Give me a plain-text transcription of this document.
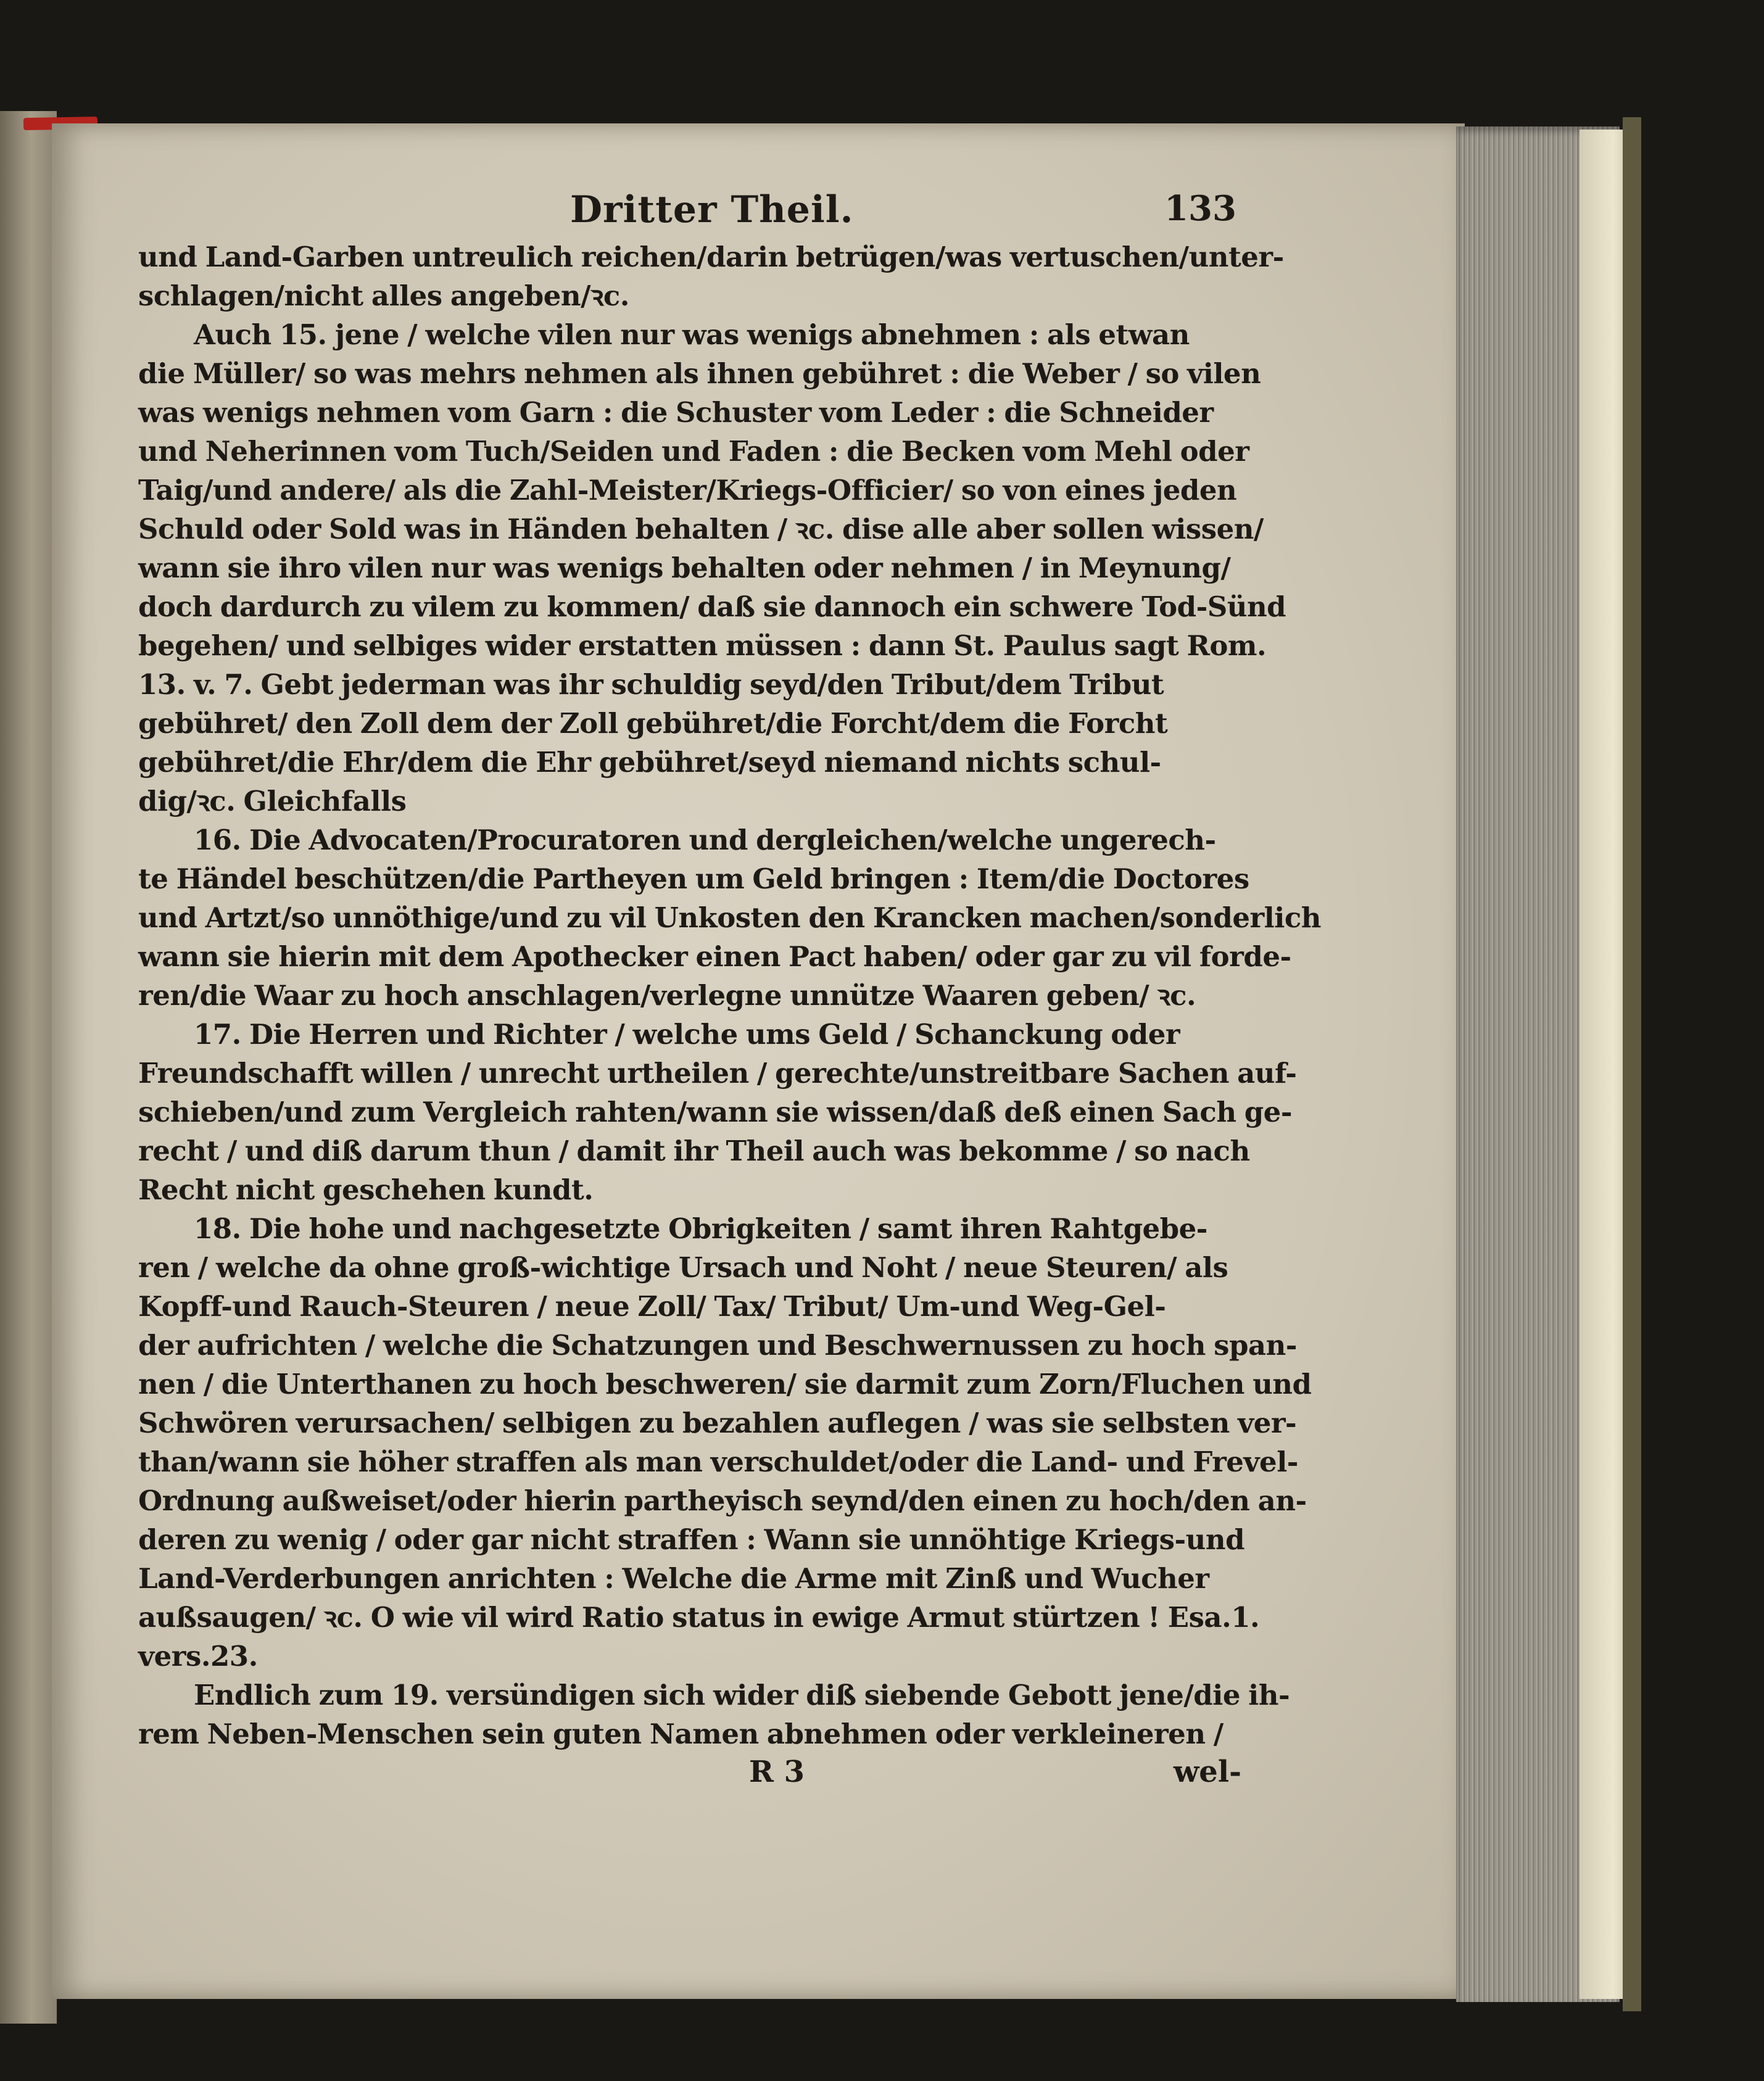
Dritter Theil.	133
und Land-Garben untreulich reichen/darin betrügen/was vertuschen/unter-
schlagen/nicht alles angeben/ꝛc.
Auch 15. jene / welche vilen nur was wenigs abnehmen : als etwan
die Müller/ so was mehrs nehmen als ihnen gebühret : die Weber / so vilen
was wenigs nehmen vom Garn : die Schuster vom Leder : die Schneider
und Neherinnen vom Tuch/Seiden und Faden : die Becken vom Mehl oder
Taig/und andere/ als die Zahl-Meister/Kriegs-Officier/ so von eines jeden
Schuld oder Sold was in Händen behalten / ꝛc. dise alle aber sollen wissen/
wann sie ihro vilen nur was wenigs behalten oder nehmen / in Meynung/
doch dardurch zu vilem zu kommen/ daß sie dannoch ein schwere Tod-Sünd
begehen/ und selbiges wider erstatten müssen : dann St. Paulus sagt Rom.
13. v. 7. Gebt jederman was ihr schuldig seyd/den Tribut/dem Tribut
gebühret/ den Zoll dem der Zoll gebühret/die Forcht/dem die Forcht
gebühret/die Ehr/dem die Ehr gebühret/seyd niemand nichts schul-
dig/ꝛc. Gleichfalls
16. Die Advocaten/Procuratoren und dergleichen/welche ungerech-
te Händel beschützen/die Partheyen um Geld bringen : Item/die Doctores
und Artzt/so unnöthige/und zu vil Unkosten den Krancken machen/sonderlich
wann sie hierin mit dem Apothecker einen Pact haben/ oder gar zu vil forde-
ren/die Waar zu hoch anschlagen/verlegne unnütze Waaren geben/ ꝛc.
17. Die Herren und Richter / welche ums Geld / Schanckung oder
Freundschafft willen / unrecht urtheilen / gerechte/unstreitbare Sachen auf-
schieben/und zum Vergleich rahten/wann sie wissen/daß deß einen Sach ge-
recht / und diß darum thun / damit ihr Theil auch was bekomme / so nach
Recht nicht geschehen kundt.
18. Die hohe und nachgesetzte Obrigkeiten / samt ihren Rahtgebe-
ren / welche da ohne groß-wichtige Ursach und Noht / neue Steuren/ als
Kopff-und Rauch-Steuren / neue Zoll/ Tax/ Tribut/ Um-und Weg-Gel-
der aufrichten / welche die Schatzungen und Beschwernussen zu hoch span-
nen / die Unterthanen zu hoch beschweren/ sie darmit zum Zorn/Fluchen und
Schwören verursachen/ selbigen zu bezahlen auflegen / was sie selbsten ver-
than/wann sie höher straffen als man verschuldet/oder die Land- und Frevel-
Ordnung außweiset/oder hierin partheyisch seynd/den einen zu hoch/den an-
deren zu wenig / oder gar nicht straffen : Wann sie unnöhtige Kriegs-und
Land-Verderbungen anrichten : Welche die Arme mit Zinß und Wucher
außsaugen/ ꝛc. O wie vil wird Ratio status in ewige Armut stürtzen ! Esa.1.
vers.23.
Endlich zum 19. versündigen sich wider diß siebende Gebott jene/die ih-
rem Neben-Menschen sein guten Namen abnehmen oder verkleineren /
R 3	wel-
